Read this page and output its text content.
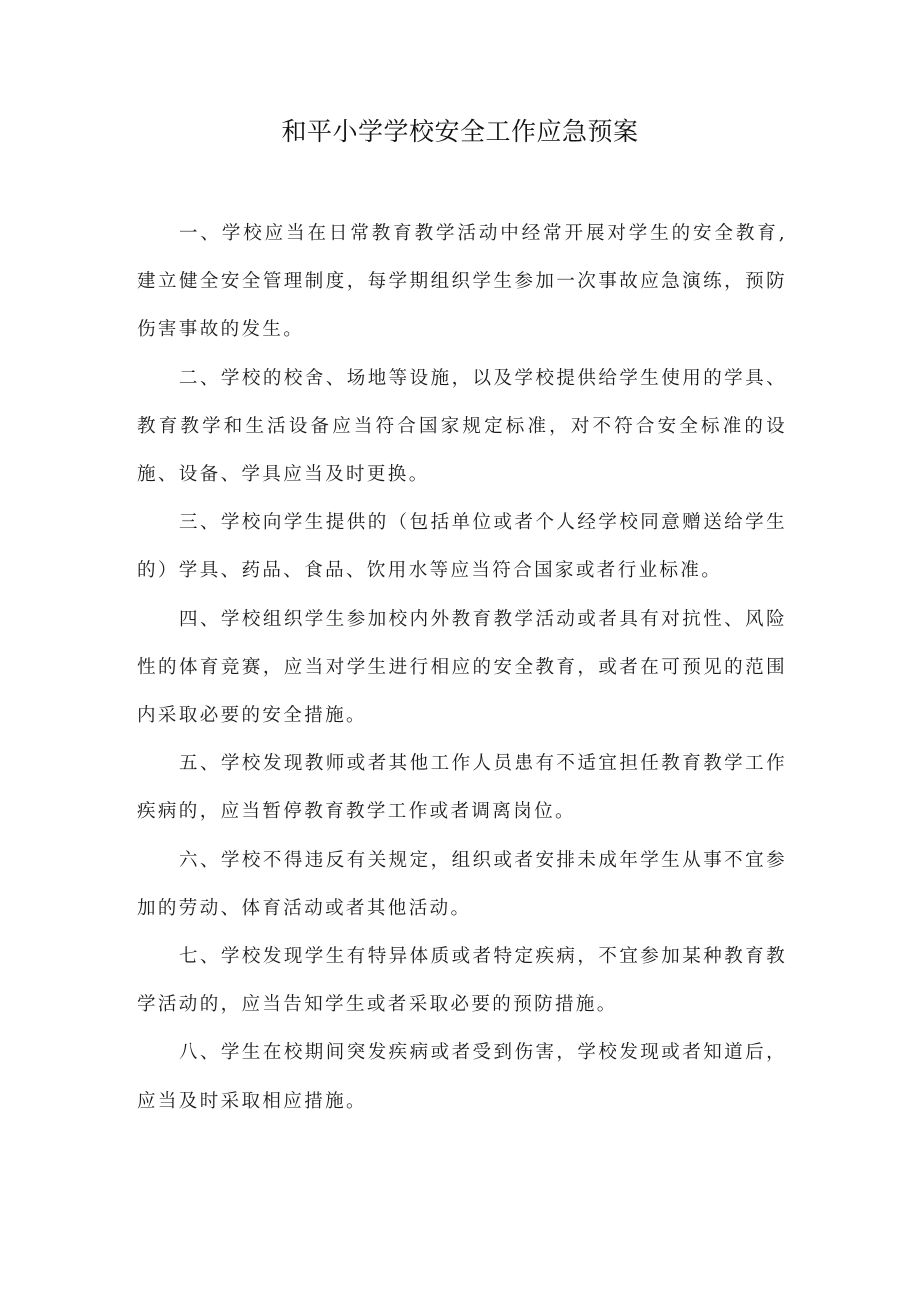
和平小学学校安全工作应急预案

一、学校应当在日常教育教学活动中经常开展对学生的安全教育,建立健全安全管理制度，每学期组织学生参加一次事故应急演练，预防伤害事故的发生。

二、学校的校舍、场地等设施，以及学校提供给学生使用的学具、教育教学和生活设备应当符合国家规定标准，对不符合安全标准的设施、设备、学具应当及时更换。

三、学校向学生提供的（包括单位或者个人经学校同意赠送给学生的）学具、药品、食品、饮用水等应当符合国家或者行业标准。

四、学校组织学生参加校内外教育教学活动或者具有对抗性、风险性的体育竞赛，应当对学生进行相应的安全教育，或者在可预见的范围内采取必要的安全措施。

五、学校发现教师或者其他工作人员患有不适宜担任教育教学工作疾病的，应当暂停教育教学工作或者调离岗位。

六、学校不得违反有关规定，组织或者安排未成年学生从事不宜参加的劳动、体育活动或者其他活动。

七、学校发现学生有特异体质或者特定疾病，不宜参加某种教育教学活动的，应当告知学生或者采取必要的预防措施。

八、学生在校期间突发疾病或者受到伤害，学校发现或者知道后，应当及时采取相应措施。
